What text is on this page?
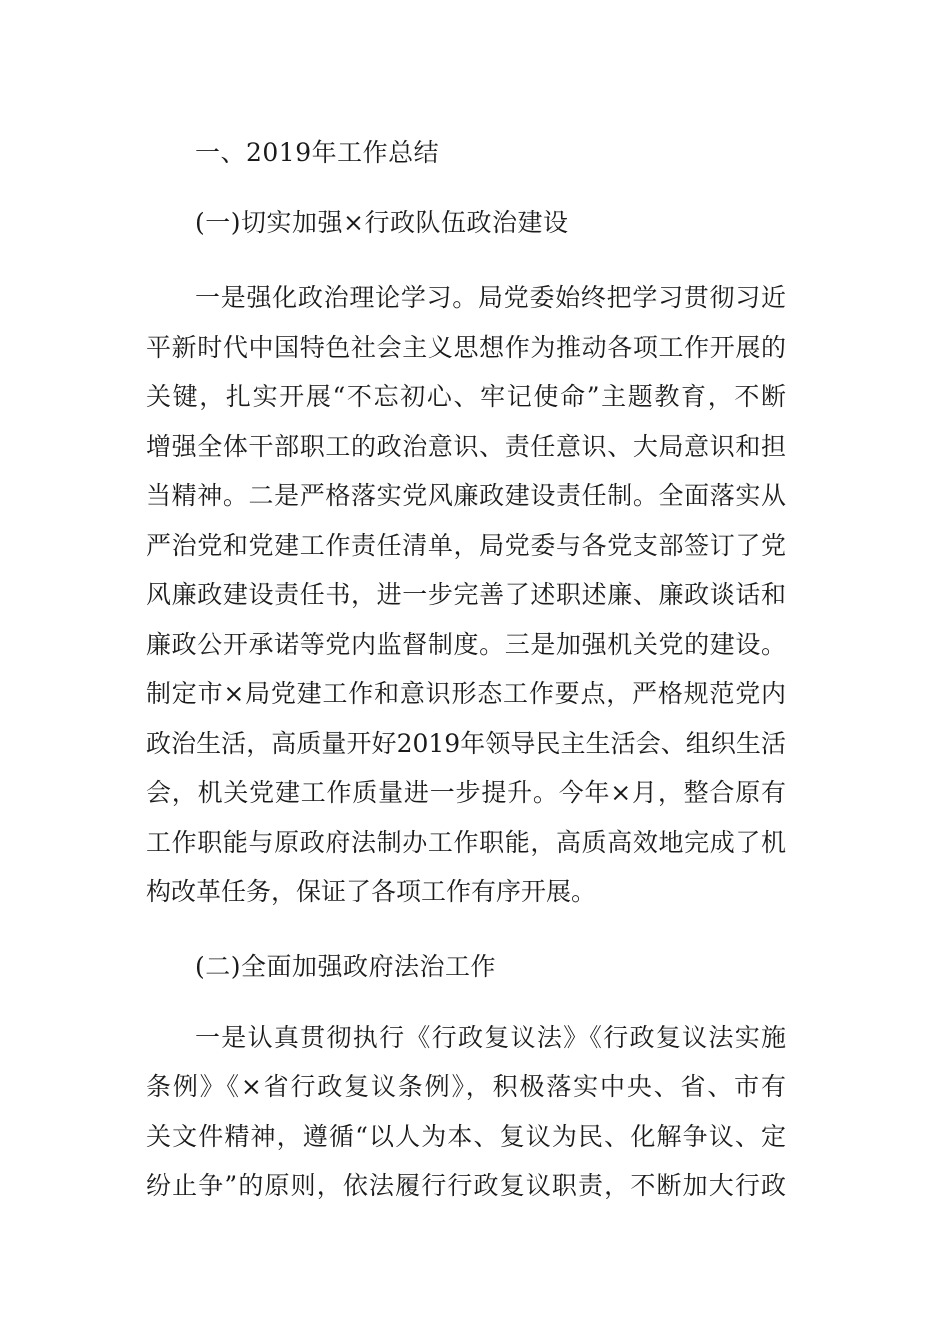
一、2019年工作总结
(一)切实加强×行政队伍政治建设
一是强化政治理论学习。局党委始终把学习贯彻习近
平新时代中国特色社会主义思想作为推动各项工作开展的
关键，扎实开展“不忘初心、牢记使命”主题教育，不断
增强全体干部职工的政治意识、责任意识、大局意识和担
当精神。二是严格落实党风廉政建设责任制。全面落实从
严治党和党建工作责任清单，局党委与各党支部签订了党
风廉政建设责任书，进一步完善了述职述廉、廉政谈话和
廉政公开承诺等党内监督制度。三是加强机关党的建设。
制定市×局党建工作和意识形态工作要点，严格规范党内
政治生活，高质量开好2019年领导民主生活会、组织生活
会，机关党建工作质量进一步提升。今年×月，整合原有
工作职能与原政府法制办工作职能，高质高效地完成了机
构改革任务，保证了各项工作有序开展。
(二)全面加强政府法治工作
一是认真贯彻执行《行政复议法》《行政复议法实施
条例》《×省行政复议条例》，积极落实中央、省、市有
关文件精神，遵循“以人为本、复议为民、化解争议、定
纷止争”的原则，依法履行行政复议职责，不断加大行政
